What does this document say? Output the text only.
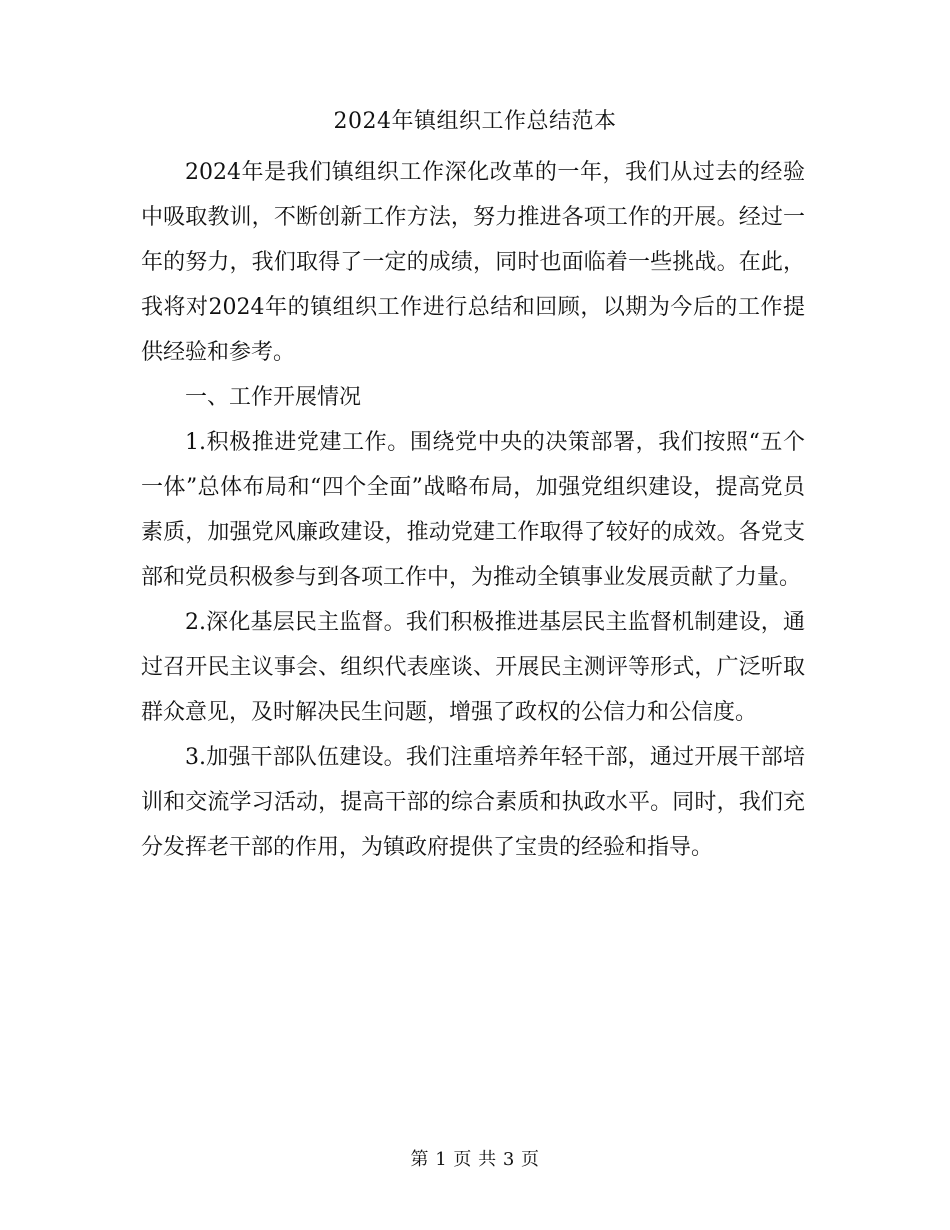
2024年镇组织工作总结范本

2024年是我们镇组织工作深化改革的一年，我们从过去的经验中吸取教训，不断创新工作方法，努力推进各项工作的开展。经过一年的努力，我们取得了一定的成绩，同时也面临着一些挑战。在此，我将对2024年的镇组织工作进行总结和回顾，以期为今后的工作提供经验和参考。

一、工作开展情况

1.积极推进党建工作。围绕党中央的决策部署，我们按照“五个一体”总体布局和“四个全面”战略布局，加强党组织建设，提高党员素质，加强党风廉政建设，推动党建工作取得了较好的成效。各党支部和党员积极参与到各项工作中，为推动全镇事业发展贡献了力量。

2.深化基层民主监督。我们积极推进基层民主监督机制建设，通过召开民主议事会、组织代表座谈、开展民主测评等形式，广泛听取群众意见，及时解决民生问题，增强了政权的公信力和公信度。

3.加强干部队伍建设。我们注重培养年轻干部，通过开展干部培训和交流学习活动，提高干部的综合素质和执政水平。同时，我们充分发挥老干部的作用，为镇政府提供了宝贵的经验和指导。

第 1 页 共 3 页
